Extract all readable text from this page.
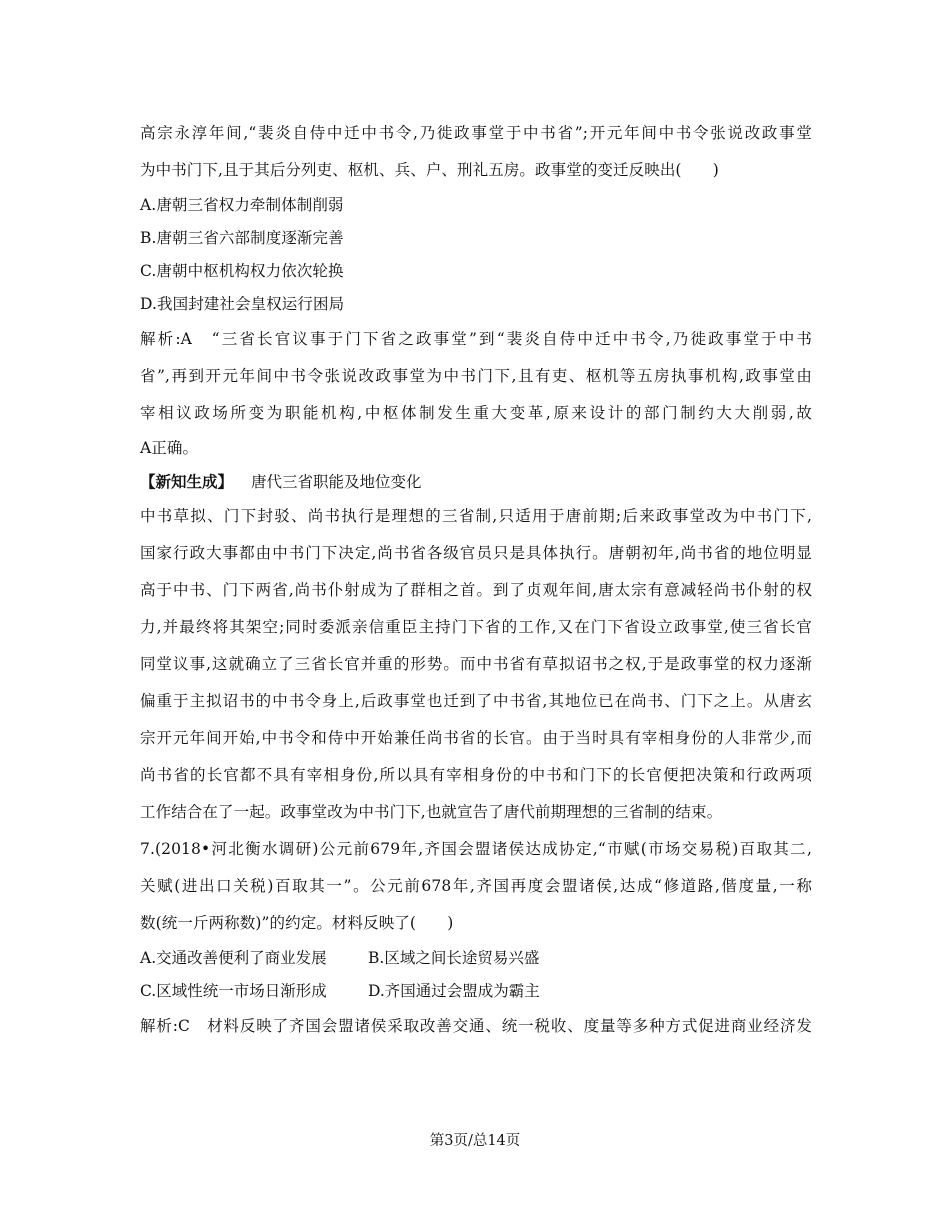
高宗永淳年间,“裴炎自侍中迁中书令,乃徙政事堂于中书省”;开元年间中书令张说改政事堂
为中书门下,且于其后分列吏、枢机、兵、户、刑礼五房。政事堂的变迁反映出(　　)
A.唐朝三省权力牵制体制削弱
B.唐朝三省六部制度逐渐完善
C.唐朝中枢机构权力依次轮换
D.我国封建社会皇权运行困局
解析:A　“三省长官议事于门下省之政事堂”到“裴炎自侍中迁中书令,乃徙政事堂于中书
省”,再到开元年间中书令张说改政事堂为中书门下,且有吏、枢机等五房执事机构,政事堂由
宰相议政场所变为职能机构,中枢体制发生重大变革,原来设计的部门制约大大削弱,故
A正确。
【新知生成】 唐代三省职能及地位变化
中书草拟、门下封驳、尚书执行是理想的三省制,只适用于唐前期;后来政事堂改为中书门下,
国家行政大事都由中书门下决定,尚书省各级官员只是具体执行。唐朝初年,尚书省的地位明显
高于中书、门下两省,尚书仆射成为了群相之首。到了贞观年间,唐太宗有意减轻尚书仆射的权
力,并最终将其架空;同时委派亲信重臣主持门下省的工作,又在门下省设立政事堂,使三省长官
同堂议事,这就确立了三省长官并重的形势。而中书省有草拟诏书之权,于是政事堂的权力逐渐
偏重于主拟诏书的中书令身上,后政事堂也迁到了中书省,其地位已在尚书、门下之上。从唐玄
宗开元年间开始,中书令和侍中开始兼任尚书省的长官。由于当时具有宰相身份的人非常少,而
尚书省的长官都不具有宰相身份,所以具有宰相身份的中书和门下的长官便把决策和行政两项
工作结合在了一起。政事堂改为中书门下,也就宣告了唐代前期理想的三省制的结束。
7.(2018•河北衡水调研)公元前679年,齐国会盟诸侯达成协定,“市赋(市场交易税)百取其二,
关赋(进出口关税)百取其一”。公元前678年,齐国再度会盟诸侯,达成“修道路,偕度量,一称
数(统一斤两称数)”的约定。材料反映了(　　)
A.交通改善便利了商业发展	B.区域之间长途贸易兴盛
C.区域性统一市场日渐形成	D.齐国通过会盟成为霸主
解析:C　材料反映了齐国会盟诸侯采取改善交通、统一税收、度量等多种方式促进商业经济发
第3页/总14页
